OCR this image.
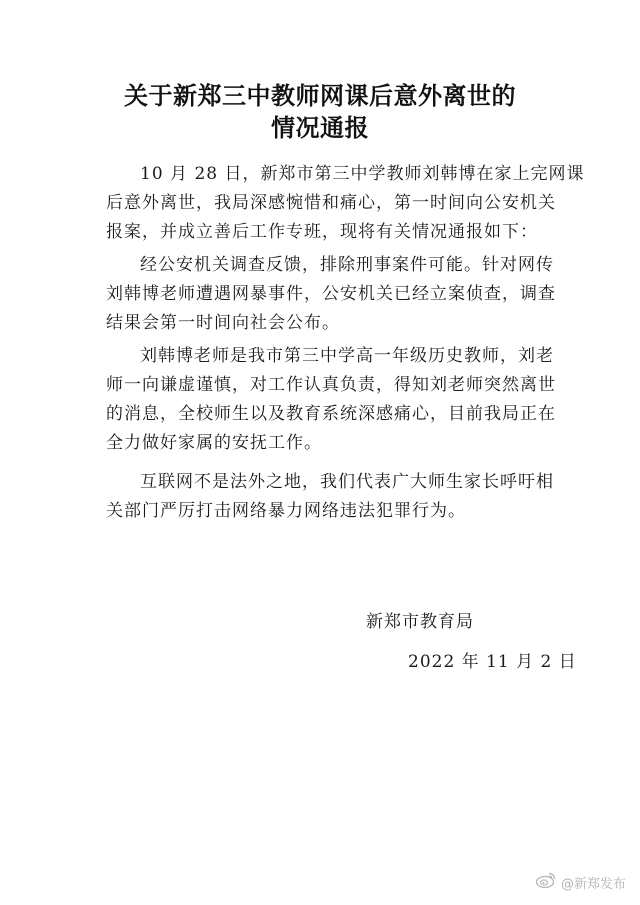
关于新郑三中教师网课后意外离世的
情况通报
10 月 28 日，新郑市第三中学教师刘韩博在家上完网课
后意外离世，我局深感惋惜和痛心，第一时间向公安机关
报案，并成立善后工作专班，现将有关情况通报如下：
经公安机关调查反馈，排除刑事案件可能。针对网传
刘韩博老师遭遇网暴事件，公安机关已经立案侦查，调查
结果会第一时间向社会公布。
刘韩博老师是我市第三中学高一年级历史教师，刘老
师一向谦虚谨慎，对工作认真负责，得知刘老师突然离世
的消息，全校师生以及教育系统深感痛心，目前我局正在
全力做好家属的安抚工作。
互联网不是法外之地，我们代表广大师生家长呼吁相
关部门严厉打击网络暴力网络违法犯罪行为。
新郑市教育局
2022 年 11 月 2 日
@新郑发布
